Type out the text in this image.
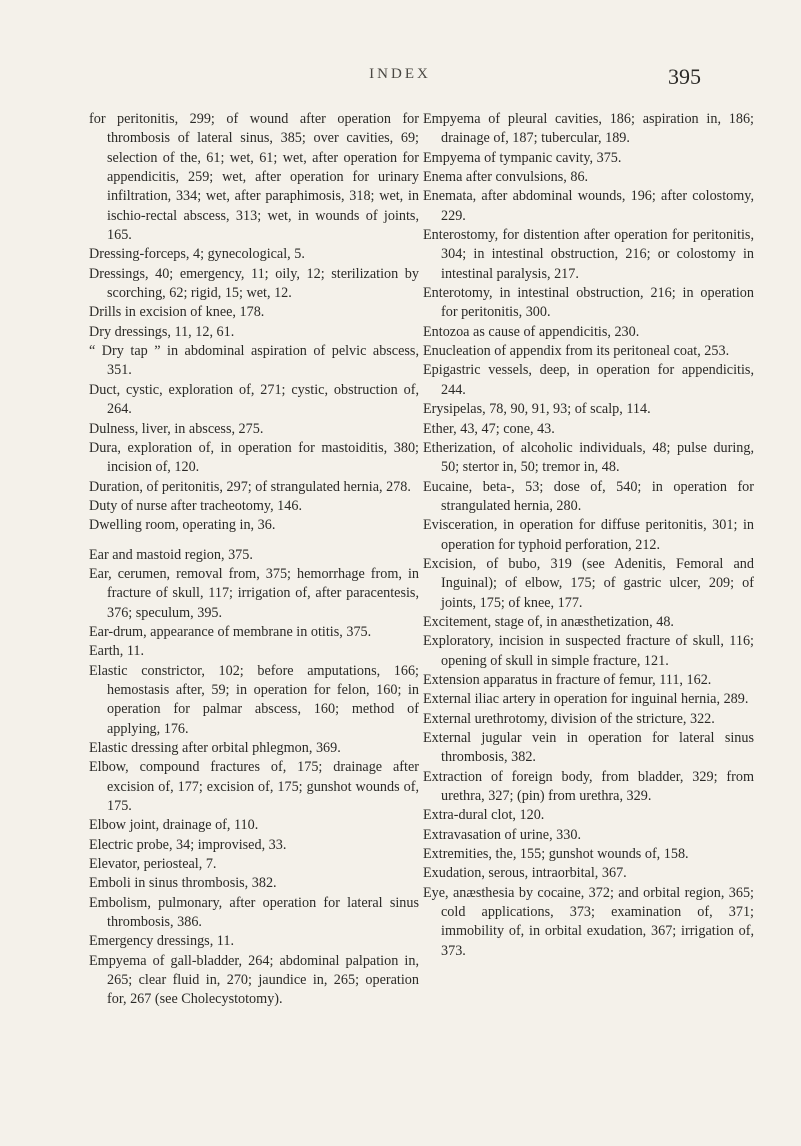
INDEX	395

for peritonitis, 299; of wound after operation for thrombosis of lateral sinus, 385; over cavities, 69; selection of the, 61; wet, 61; wet, after operation for appendicitis, 259; wet, after operation for urinary infiltration, 334; wet, after paraphimosis, 318; wet, in ischio-rectal abscess, 313; wet, in wounds of joints, 165.

Dressing-forceps, 4; gynecological, 5.

Dressings, 40; emergency, 11; oily, 12; sterilization by scorching, 62; rigid, 15; wet, 12.

Drills in excision of knee, 178.

Dry dressings, 11, 12, 61.

“ Dry tap ” in abdominal aspiration of pelvic abscess, 351.

Duct, cystic, exploration of, 271; cystic, obstruction of, 264.

Dulness, liver, in abscess, 275.

Dura, exploration of, in operation for mastoiditis, 380; incision of, 120.

Duration, of peritonitis, 297; of strangulated hernia, 278.

Duty of nurse after tracheotomy, 146.

Dwelling room, operating in, 36.

Ear and mastoid region, 375.

Ear, cerumen, removal from, 375; hemorrhage from, in fracture of skull, 117; irrigation of, after paracentesis, 376; speculum, 395.

Ear-drum, appearance of membrane in otitis, 375.

Earth, 11.

Elastic constrictor, 102; before amputations, 166; hemostasis after, 59; in operation for felon, 160; in operation for palmar abscess, 160; method of applying, 176.

Elastic dressing after orbital phlegmon, 369.

Elbow, compound fractures of, 175; drainage after excision of, 177; excision of, 175; gunshot wounds of, 175.

Elbow joint, drainage of, 110.

Electric probe, 34; improvised, 33.

Elevator, periosteal, 7.

Emboli in sinus thrombosis, 382.

Embolism, pulmonary, after operation for lateral sinus thrombosis, 386.

Emergency dressings, 11.

Empyema of gall-bladder, 264; abdominal palpation in, 265; clear fluid in, 270; jaundice in, 265; operation for, 267 (see Cholecystotomy).

Empyema of pleural cavities, 186; aspiration in, 186; drainage of, 187; tubercular, 189.

Empyema of tympanic cavity, 375.

Enema after convulsions, 86.

Enemata, after abdominal wounds, 196; after colostomy, 229.

Enterostomy, for distention after operation for peritonitis, 304; in intestinal obstruction, 216; or colostomy in intestinal paralysis, 217.

Enterotomy, in intestinal obstruction, 216; in operation for peritonitis, 300.

Entozoa as cause of appendicitis, 230.

Enucleation of appendix from its peritoneal coat, 253.

Epigastric vessels, deep, in operation for appendicitis, 244.

Erysipelas, 78, 90, 91, 93; of scalp, 114.

Ether, 43, 47; cone, 43.

Etherization, of alcoholic individuals, 48; pulse during, 50; stertor in, 50; tremor in, 48.

Eucaine, beta-, 53; dose of, 540; in operation for strangulated hernia, 280.

Evisceration, in operation for diffuse peritonitis, 301; in operation for typhoid perforation, 212.

Excision, of bubo, 319 (see Adenitis, Femoral and Inguinal); of elbow, 175; of gastric ulcer, 209; of joints, 175; of knee, 177.

Excitement, stage of, in anæsthetization, 48.

Exploratory, incision in suspected fracture of skull, 116; opening of skull in simple fracture, 121.

Extension apparatus in fracture of femur, 111, 162.

External iliac artery in operation for inguinal hernia, 289.

External urethrotomy, division of the stricture, 322.

External jugular vein in operation for lateral sinus thrombosis, 382.

Extraction of foreign body, from bladder, 329; from urethra, 327; (pin) from urethra, 329.

Extra-dural clot, 120.

Extravasation of urine, 330.

Extremities, the, 155; gunshot wounds of, 158.

Exudation, serous, intraorbital, 367.

Eye, anæsthesia by cocaine, 372; and orbital region, 365; cold applications, 373; examination of, 371; immobility of, in orbital exudation, 367; irrigation of, 373.
